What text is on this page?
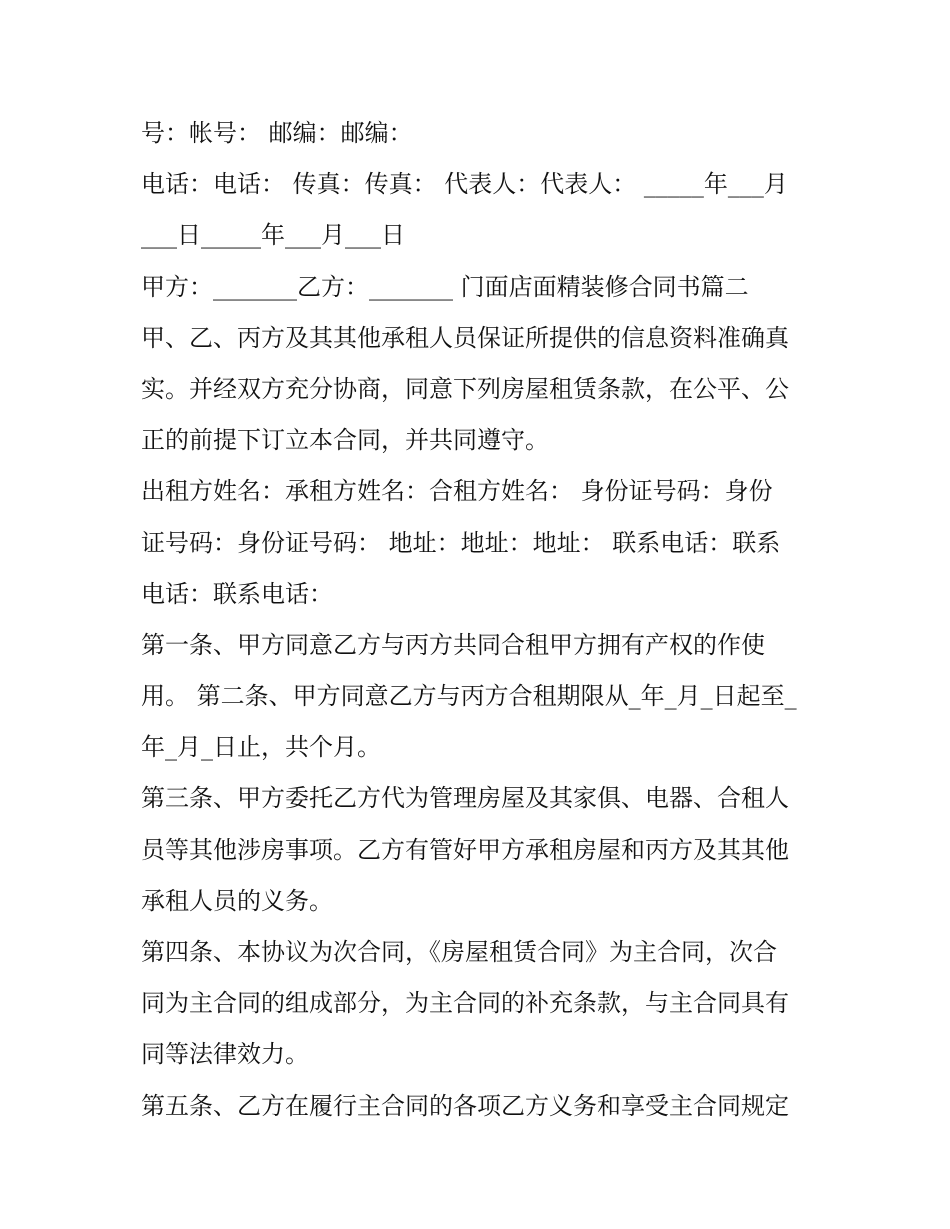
号：帐号： 邮编：邮编：
电话：电话： 传真：传真： 代表人：代表人： _____年___月
___日_____年___月___日
甲方：_______乙方：_______ 门面店面精装修合同书篇二
甲、乙、丙方及其其他承租人员保证所提供的信息资料准确真
实。并经双方充分协商，同意下列房屋租赁条款，在公平、公
正的前提下订立本合同，并共同遵守。
出租方姓名：承租方姓名：合租方姓名： 身份证号码：身份
证号码：身份证号码： 地址：地址：地址： 联系电话：联系
电话：联系电话：
第一条、甲方同意乙方与丙方共同合租甲方拥有产权的作使
用。 第二条、甲方同意乙方与丙方合租期限从_年_月_日起至_
年_月_日止，共个月。
第三条、甲方委托乙方代为管理房屋及其家俱、电器、合租人
员等其他涉房事项。乙方有管好甲方承租房屋和丙方及其其他
承租人员的义务。
第四条、本协议为次合同，《房屋租赁合同》为主合同，次合
同为主合同的组成部分，为主合同的补充条款，与主合同具有
同等法律效力。
第五条、乙方在履行主合同的各项乙方义务和享受主合同规定
